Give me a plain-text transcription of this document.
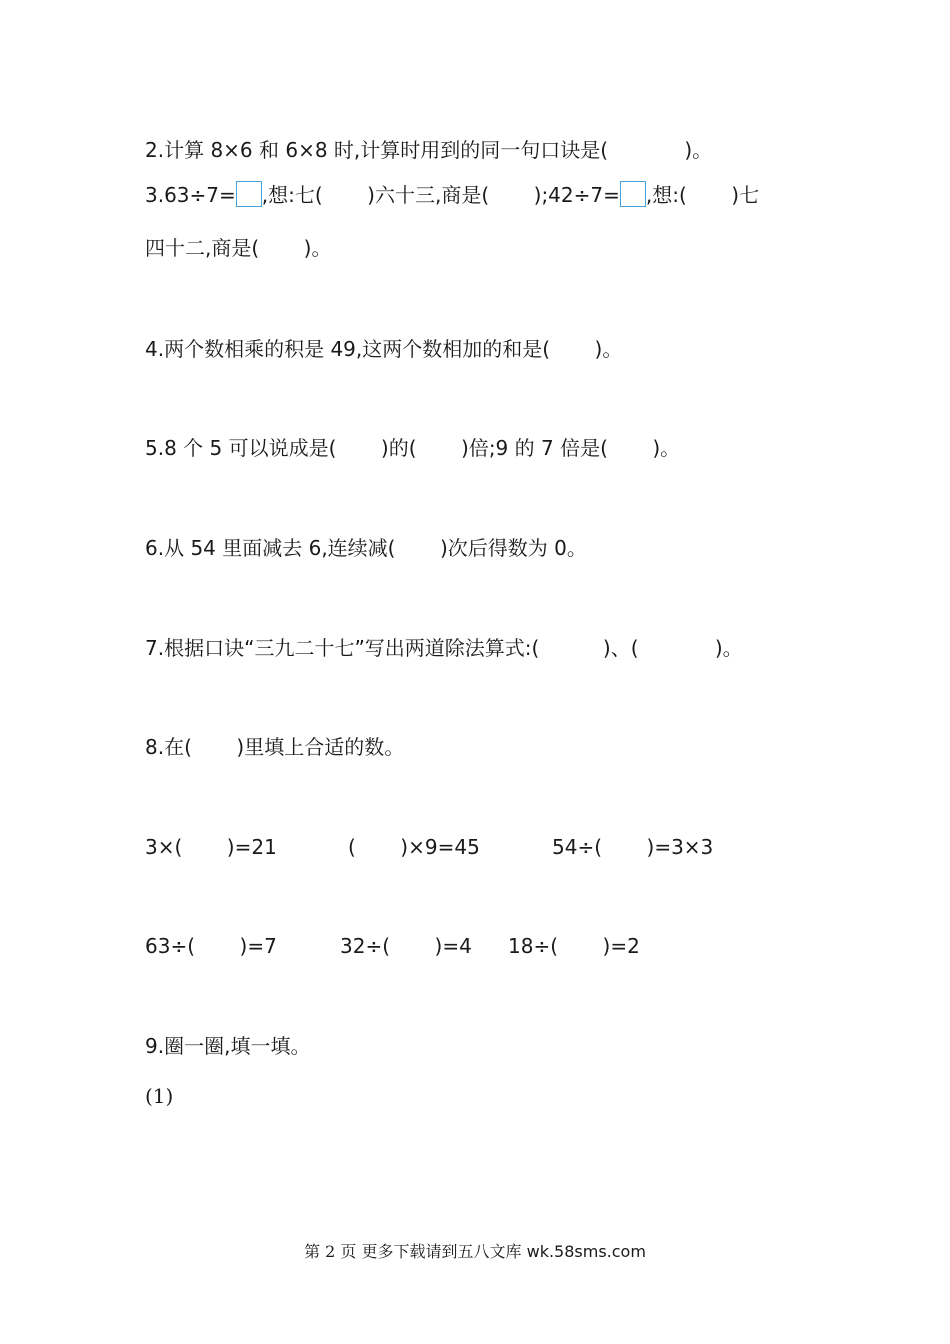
2.计算 8×6 和 6×8 时,计算时用到的同一句口诀是(            )。
3.63÷7= ,想:七(       )六十三,商是(       );42÷7= ,想:(       )七
四十二,商是(       )。
4.两个数相乘的积是 49,这两个数相加的和是(       )。
5.8 个 5 可以说成是(       )的(       )倍;9 的 7 倍是(       )。
6.从 54 里面减去 6,连续减(       )次后得数为 0。
7.根据口诀“三九二十七”写出两道除法算式:(          )、(            )。
8.在(       )里填上合适的数。
3×(       )=21	(       )×9=45	54÷(       )=3×3
63÷(       )=7	32÷(       )=4 18÷(       )=2
9.圈一圈,填一填。
(1)
第 2 页 更多下载请到五八文库 wk.58sms.com
